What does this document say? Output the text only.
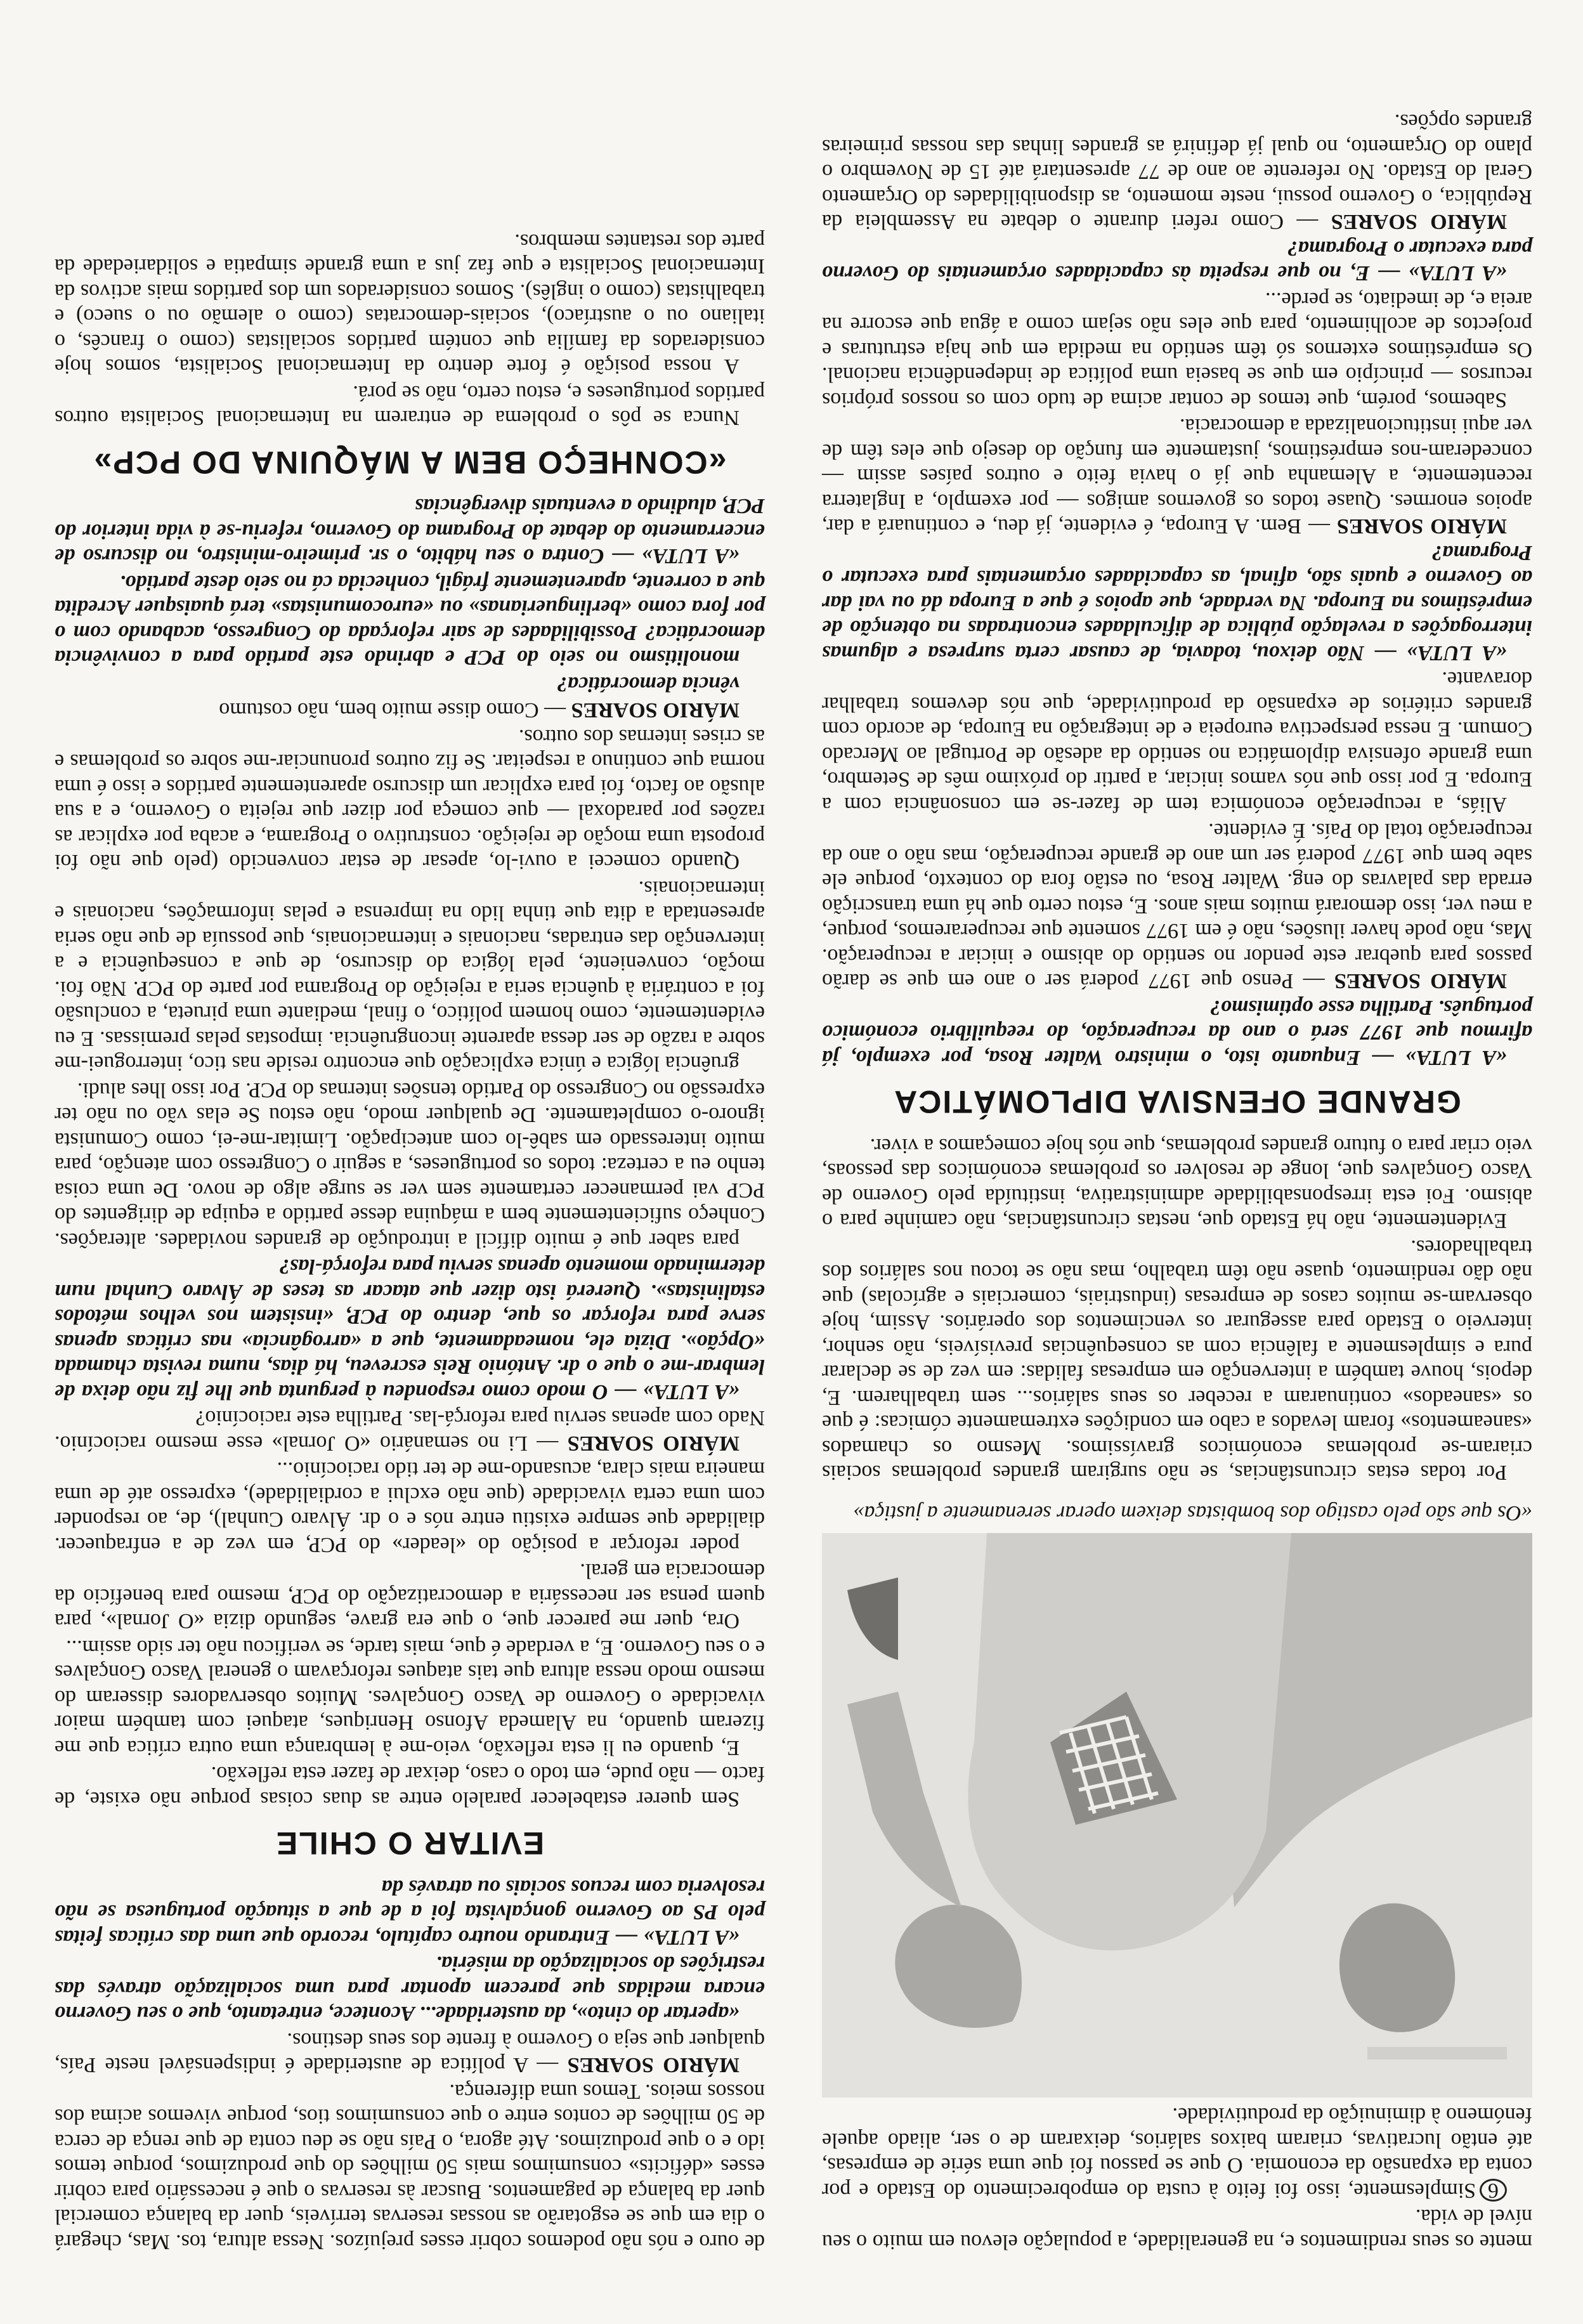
mente os seus rendimentos e, na generalidade, a população elevou em muito o seu nível de vida.

6Simplesmente, isso foi feito à custa do empobrecimento do Estado e por conta da expansão da economia. O que se passou foi que uma série de empresas, até então lucrativas, criaram baixos salários, deixaram de o ser, aliado aquele fenómeno à diminuição da produtividade.

«Os que são pelo castigo dos bombistas deixem operar serenamente a justiça»

Por todas estas circunstâncias, se não surgiram grandes problemas sociais criaram-se problemas económicos gravíssimos. Mesmo os chamados «saneamentos» foram levados a cabo em condições extremamente cómicas: é que os «saneados» continuaram a receber os seus salários... sem trabalharem. E, depois, houve também a intervenção em empresas falidas: em vez de se declarar pura e simplesmente a falência com as consequências previsíveis, não senhor, interveio o Estado para assegurar os vencimentos dos operários. Assim, hoje observam-se muitos casos de empresas (industriais, comerciais e agrícolas) que não dão rendimento, quase não têm trabalho, mas não se tocou nos salários dos trabalhadores.

Evidentemente, não há Estado que, nestas circunstâncias, não caminhe para o abismo. Foi esta irresponsabilidade administrativa, instituída pelo Governo de Vasco Gonçalves que, longe de resolver os problemas económicos das pessoas, veio criar para o futuro grandes problemas, que nós hoje começamos a viver.

GRANDE OFENSIVA DIPLOMÁTICA

«A LUTA» — Enquanto isto, o ministro Walter Rosa, por exemplo, já afirmou que 1977 será o ano da recuperação, do reequilíbrio económico português. Partilha esse optimismo?

MÁRIO SOARES — Penso que 1977 poderá ser o ano em que se darão passos para quebrar este pendor no sentido do abismo e iniciar a recuperação. Mas, não pode haver ilusões, não é em 1977 somente que recuperaremos, porque, a meu ver, isso demorará muitos mais anos. E, estou certo que há uma transcrição errada das palavras do eng. Walter Rosa, ou estão fora do contexto, porque ele sabe bem que 1977 poderá ser um ano de grande recuperação, mas não o ano da recuperação total do País. É evidente.

Aliás, a recuperação económica tem de fazer-se em consonância com a Europa. E por isso que nós vamos iniciar, a partir do próximo mês de Setembro, uma grande ofensiva diplomática no sentido da adesão de Portugal ao Mercado Comum. E nessa perspectiva europeia e de integração na Europa, de acordo com grandes critérios de expansão da produtividade, que nós devemos trabalhar doravante.

«A LUTA» — Não deixou, todavia, de causar certa surpresa e algumas interrogações a revelação pública de dificuldades encontradas na obtenção de empréstimos na Europa. Na verdade, que apoios é que a Europa dá ou vai dar ao Governo e quais são, afinal, as capacidades orçamentais para executar o Programa?

MÁRIO SOARES — Bem. A Europa, é evidente, já deu, e continuará a dar, apoios enormes. Quase todos os governos amigos — por exemplo, a Inglaterra recentemente, a Alemanha que já o havia feito e outros países assim — concederam-nos empréstimos, justamente em função do desejo que eles têm de ver aqui institucionalizada a democracia.

Sabemos, porém, que temos de contar acima de tudo com os nossos próprios recursos — princípio em que se baseia uma política de independência nacional. Os empréstimos externos só têm sentido na medida em que haja estruturas e projectos de acolhimento, para que eles não sejam como a água que escorre na areia e, de imediato, se perde...

«A LUTA» — E, no que respeita às capacidades orçamentais do Governo para executar o Programa?

MÁRIO SOARES — Como referi durante o debate na Assembleia da República, o Governo possui, neste momento, as disponibilidades do Orçamento Geral do Estado. No referente ao ano de 77 apresentará até 15 de Novembro o plano do Orçamento, no qual já definirá as grandes linhas das nossas primeiras grandes opções.

de ouro e nós não podemos cobrir esses prejuízos. Nessa altura, tos. Mas, chegará o dia em que se esgotarão as nossas reservas terríveis, quer da balança comercial quer da balança de pagamentos. Buscar às reservas o que é necessário para cobrir esses «déficits» consumimos mais 50 milhões do que produzimos, porque temos ido e o que produzimos. Até agora, o País não se deu conta de que rença de cerca de 50 milhões de contos entre o que consumimos tios, porque vivemos acima dos nossos meios. Temos uma diferença.

MÁRIO SOARES — A política de austeridade é indispensável neste País, qualquer que seja o Governo à frente dos seus destinos.

«apertar do cinto», da austeridade... Acontece, entretanto, que o seu Governo encara medidas que parecem apontar para uma socialização através das restrições do socialização da miséria.

«A LUTA» — Entrando noutro capítulo, recordo que uma das críticas feitas pelo PS ao Governo gonçalvista foi a de que a situação portuguesa se não resolveria com recuos sociais ou através da

EVITAR O CHILE

Sem querer estabelecer paralelo entre as duas coisas porque não existe, de facto — não pude, em todo o caso, deixar de fazer esta reflexão.

E, quando eu li esta reflexão, veio-me à lembrança uma outra crítica que me fizeram quando, na Alameda Afonso Henriques, ataquei com também maior vivacidade o Governo de Vasco Gonçalves. Muitos observadores disseram do mesmo modo nessa altura que tais ataques reforçavam o general Vasco Gonçalves e o seu Governo. E, a verdade é que, mais tarde, se verificou não ter sido assim...

Ora, quer me parecer que, o que era grave, segundo dizia «O Jornal», para quem pensa ser necessária a democratização do PCP, mesmo para benefício da democracia em geral.

poder reforçar a posição do «leader» do PCP, em vez de a enfraquecer. dialidade que sempre existiu entre nós e o dr. Álvaro Cunhal), de, ao responder com uma certa vivacidade (que não exclui a cordialidade), expresso até de uma maneira mais clara, acusando-me de ter tido raciocínio...

MÁRIO SOARES — Li no semanário «O Jornal» esse mesmo raciocínio. Nado com apenas serviu para reforçá-las. Partilha este raciocínio?

«A LUTA» — O modo como respondeu à pergunta que lhe fiz não deixa de lembrar-me o que o dr. António Reis escreveu, há dias, numa revista chamada «Opção». Dizia ele, nomeadamente, que a «arrogância» nas críticas apenas serve para reforçar os que, dentro do PCP, «insistem nos velhos métodos estalinistas». Quererá isto dizer que atacar as teses de Álvaro Cunhal num determinado momento apenas serviu para reforçá-las?

para saber que é muito difícil a introdução de grandes novidades. alterações. Conheço suficientemente bem a máquina desse partido a equipa de dirigentes do PCP vai permanecer certamente sem ver se surge algo de novo. De uma coisa tenho eu a certeza: todos os portugueses, a seguir o Congresso com atenção, para muito interessado em sabê-lo com antecipação. Limitar-me-ei, como Comunista ignoro-o completamente. De qualquer modo, não estou Se elas vão ou não ter expressão no Congresso do Partido tensões internas do PCP. Por isso lhes aludi.

gruência lógica e única explicação que encontro reside nas tico, interroguei-me sobre a razão de ser dessa aparente incongruência. impostas pelas premissas. E eu evidentemente, como homem político, o final, mediante uma pirueta, a conclusão foi a contrária à quência seria a rejeição do Programa por parte do PCP. Não foi. moção, conveniente, pela lógica do discurso, de que a consequência e a intervenção das entradas, nacionais e internacionais, que possuía de que não seria apresentada a dita que tinha lido na imprensa e pelas informações, nacionais e internacionais.

Quando comecei a ouvi-lo, apesar de estar convencido (pelo que não foi proposta uma moção de rejeição. construtivo o Programa, e acaba por explicar as razões por paradoxal — que começa por dizer que rejeita o Governo, e a sua alusão ao facto, foi para explicar um discurso aparentemente partidos e isso é uma norma que continuo a respeitar. Se fiz outros pronunciar-me sobre os problemas e as crises internas dos outros.

MÁRIO SOARES — Como disse muito bem, não costumo

vência democrática?

monolitismo no seio do PCP e abrindo este partido para a convivência democrática? Possibilidades de sair reforçada do Congresso, acabando com o por fora como «berlinguerianas» ou «eurocomunistas» terá quaisquer Acredita que a corrente, aparentemente frágil, conhecida cá no seio deste partido.

«A LUTA» — Contra o seu hábito, o sr. primeiro-ministro, no discurso de encerramento do debate do Programa do Governo, referiu-se à vida interior do PCP, aludindo a eventuais divergências

«CONHEÇO BEM A MÁQUINA DO PCP»

Nunca se pôs o problema de entrarem na Internacional Socialista outros partidos portugueses e, estou certo, não se porá.

A nossa posição é forte dentro da Internacional Socialista, somos hoje considerados da família que contém partidos socialistas (como o francês, o italiano ou o austríaco), sociais-democratas (como o alemão ou o sueco) e trabalhistas (como o inglês). Somos considerados um dos partidos mais activos da Internacional Socialista e que faz jus a uma grande simpatia e solidariedade da parte dos restantes membros.
